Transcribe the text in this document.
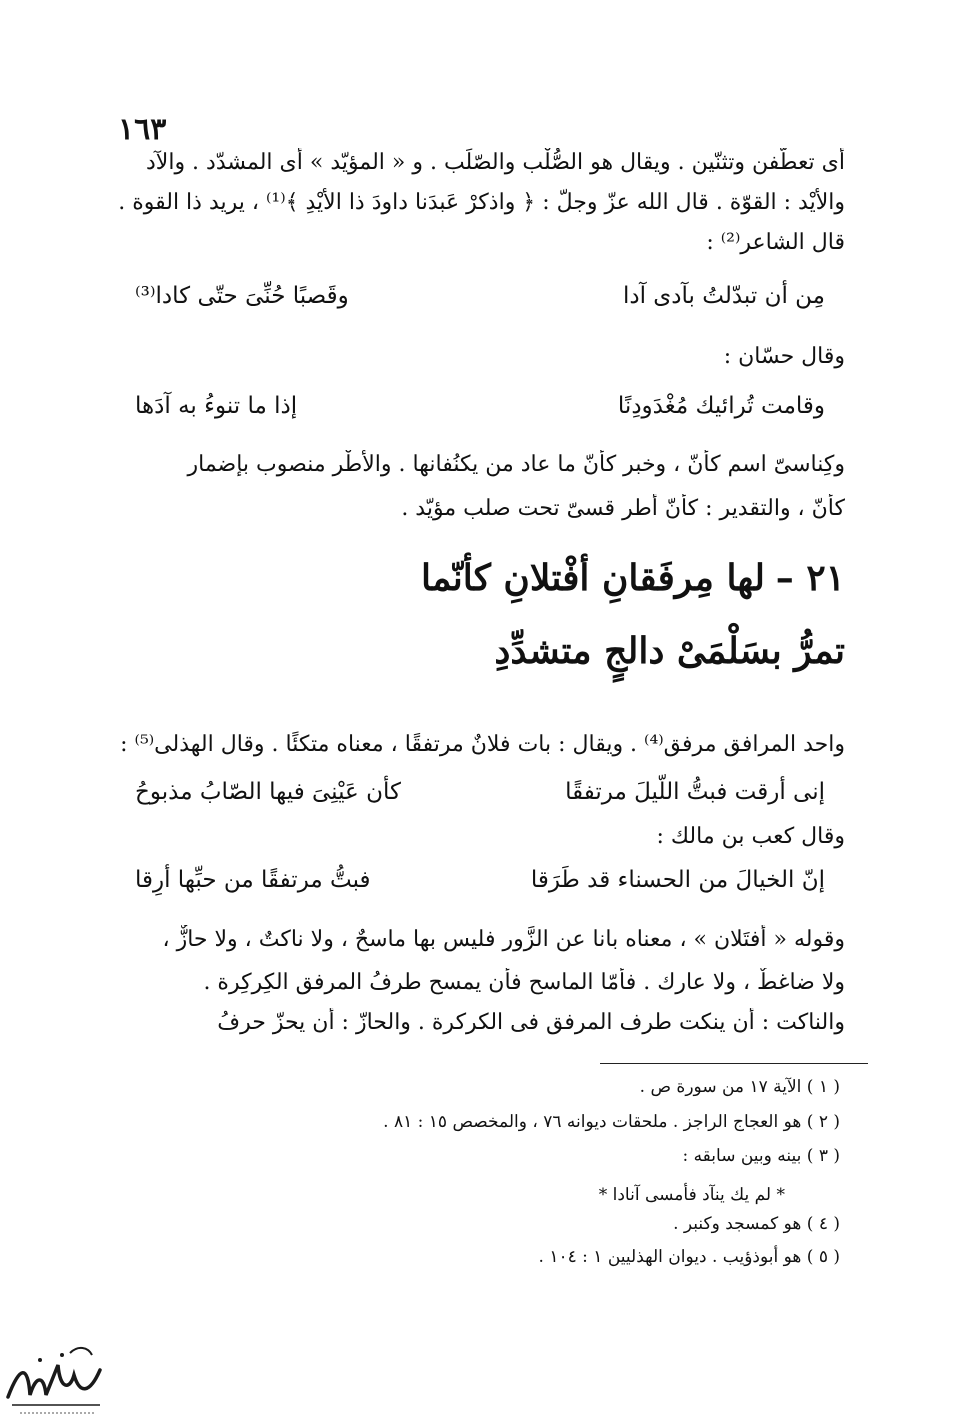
١٦٣
أى تعطّفن وتثنّين . ويقال هو الصُّلْب والصّلَب . و « المؤيّد » أى المشدّد . والآد
والأيْد : القوّة . قال الله عزّ وجلّ : ﴿ واذكرْ عَبدَنا داودَ ذا الأيْدِ ﴾⁽¹⁾ ، يريد ذا القوة .
قال الشاعر⁽²⁾ :
مِن أن تبدّلتُ بآدى آدا
وقَصبًا حُنِّىَ حتّى كادا⁽³⁾
وقال حسّان :
وقامت تُرائيك مُغْدَودِنًا
إذا ما تنوءُ به آدَها
وكِناسىّ اسم كأنّ ، وخبر كأنّ ما عاد من يكنُفانها . والأطْر منصوب بإضمار
كأنّ ، والتقدير : كأنّ أطر قسىّ تحت صلب مؤيّد .
٢١ –
لها مِرفَقانِ أفْتلانِ كأنّما
تمرُّ بسَلْمَىْ دالجٍ متشدِّدِ
واحد المرافق مرفق⁽⁴⁾ . ويقال : بات فلانٌ مرتفقًا ، معناه متكئًا . وقال الهذلى⁽⁵⁾ :
إنى أرقت فبتُّ اللّيلَ مرتفقًا
كأن عَيْنِىَ فيها الصّابُ مذبوحُ
وقال كعب بن مالك :
إنّ الخيالَ من الحسناء قد طَرَقا
فبتُّ مرتفقًا من حبِّها أرِقا
وقوله « أفتَلان » ، معناه بانا عن الزَّور فليس بها ماسحٌ ، ولا ناكتٌ ، ولا حازٌّ ،
ولا ضاغطٌ ، ولا عارك . فأمّا الماسح فأن يمسح طرفُ المرفق الكِركِرة .
والناكت : أن ينكت طرف المرفق فى الكركرة . والحازّ : أن يحزّ حرفُ
( ١ ) الآية ١٧ من سورة ص .
( ٢ ) هو العجاج الراجز . ملحقات ديوانه ٧٦ ، والمخصص ١٥ : ٨١ .
( ٣ ) بينه وبين سابقه :
* لم يك ينآد فأمسى آنادا *
( ٤ ) هو كمسجد وكنبر .
( ٥ ) هو أبوذؤيب . ديوان الهذليين ١ : ١٠٤ .
